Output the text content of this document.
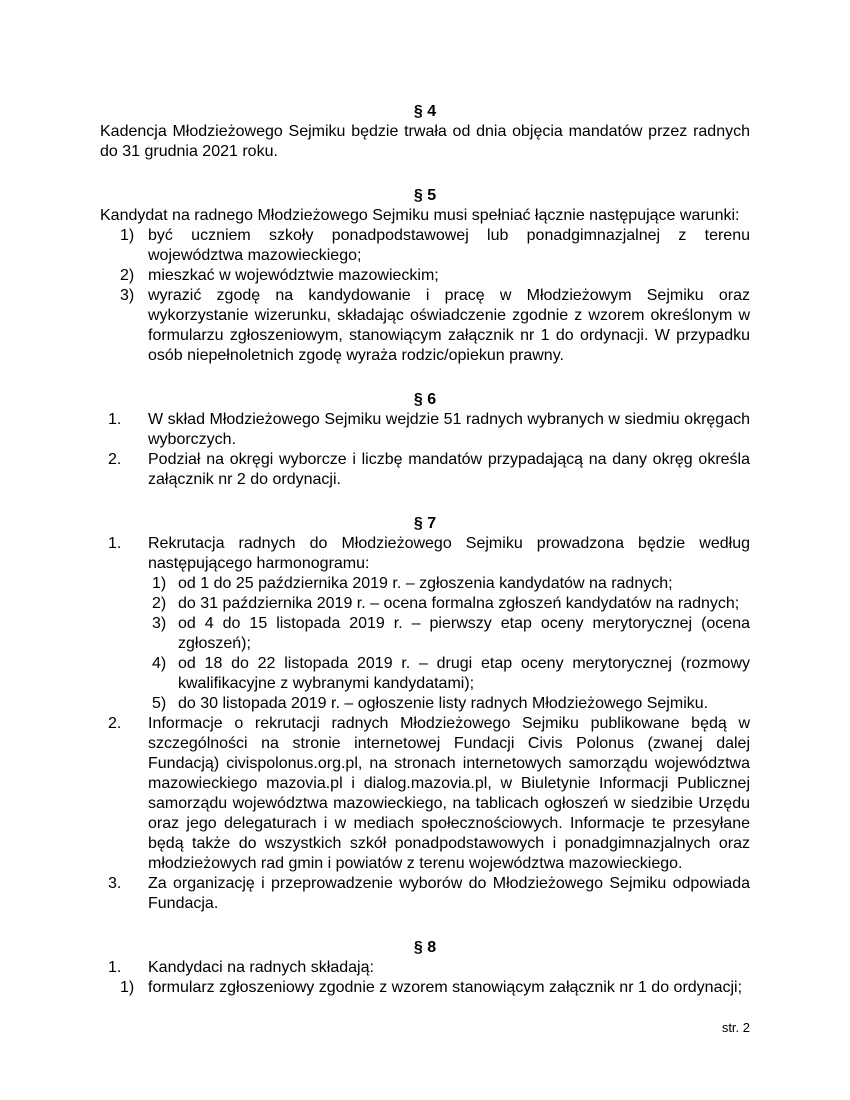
§ 4

Kadencja Młodzieżowego Sejmiku będzie trwała od dnia objęcia mandatów przez radnych do 31 grudnia 2021 roku.

§ 5

Kandydat na radnego Młodzieżowego Sejmiku musi spełniać łącznie następujące warunki:

1) być uczniem szkoły ponadpodstawowej lub ponadgimnazjalnej z terenu województwa mazowieckiego;
2) mieszkać w województwie mazowieckim;
3) wyrazić zgodę na kandydowanie i pracę w Młodzieżowym Sejmiku oraz wykorzystanie wizerunku, składając oświadczenie zgodnie z wzorem określonym w formularzu zgłoszeniowym, stanowiącym załącznik nr 1 do ordynacji. W przypadku osób niepełnoletnich zgodę wyraża rodzic/opiekun prawny.
§ 6
1. W skład Młodzieżowego Sejmiku wejdzie 51 radnych wybranych w siedmiu okręgach wyborczych.
2. Podział na okręgi wyborcze i liczbę mandatów przypadającą na dany okręg określa załącznik nr 2 do ordynacji.
§ 7
1. Rekrutacja radnych do Młodzieżowego Sejmiku prowadzona będzie według następującego harmonogramu:
1) od 1 do 25 października 2019 r. – zgłoszenia kandydatów na radnych;
2) do 31 października 2019 r. – ocena formalna zgłoszeń kandydatów na radnych;
3) od 4 do 15 listopada 2019 r. – pierwszy etap oceny merytorycznej (ocena zgłoszeń);
4) od 18 do 22 listopada 2019 r. – drugi etap oceny merytorycznej (rozmowy kwalifikacyjne z wybranymi kandydatami);
5) do 30 listopada 2019 r. – ogłoszenie listy radnych Młodzieżowego Sejmiku.
2. Informacje o rekrutacji radnych Młodzieżowego Sejmiku publikowane będą w szczególności na stronie internetowej Fundacji Civis Polonus (zwanej dalej Fundacją) civispolonus.org.pl, na stronach internetowych samorządu województwa mazowieckiego mazovia.pl i dialog.mazovia.pl, w Biuletynie Informacji Publicznej samorządu województwa mazowieckiego, na tablicach ogłoszeń w siedzibie Urzędu oraz jego delegaturach i w mediach społecznościowych. Informacje te przesyłane będą także do wszystkich szkół ponadpodstawowych i ponadgimnazjalnych oraz młodzieżowych rad gmin i powiatów z terenu województwa mazowieckiego.
3. Za organizację i przeprowadzenie wyborów do Młodzieżowego Sejmiku odpowiada Fundacja.
§ 8
1. Kandydaci na radnych składają:
1) formularz zgłoszeniowy zgodnie z wzorem stanowiącym załącznik nr 1 do ordynacji;
str. 2
